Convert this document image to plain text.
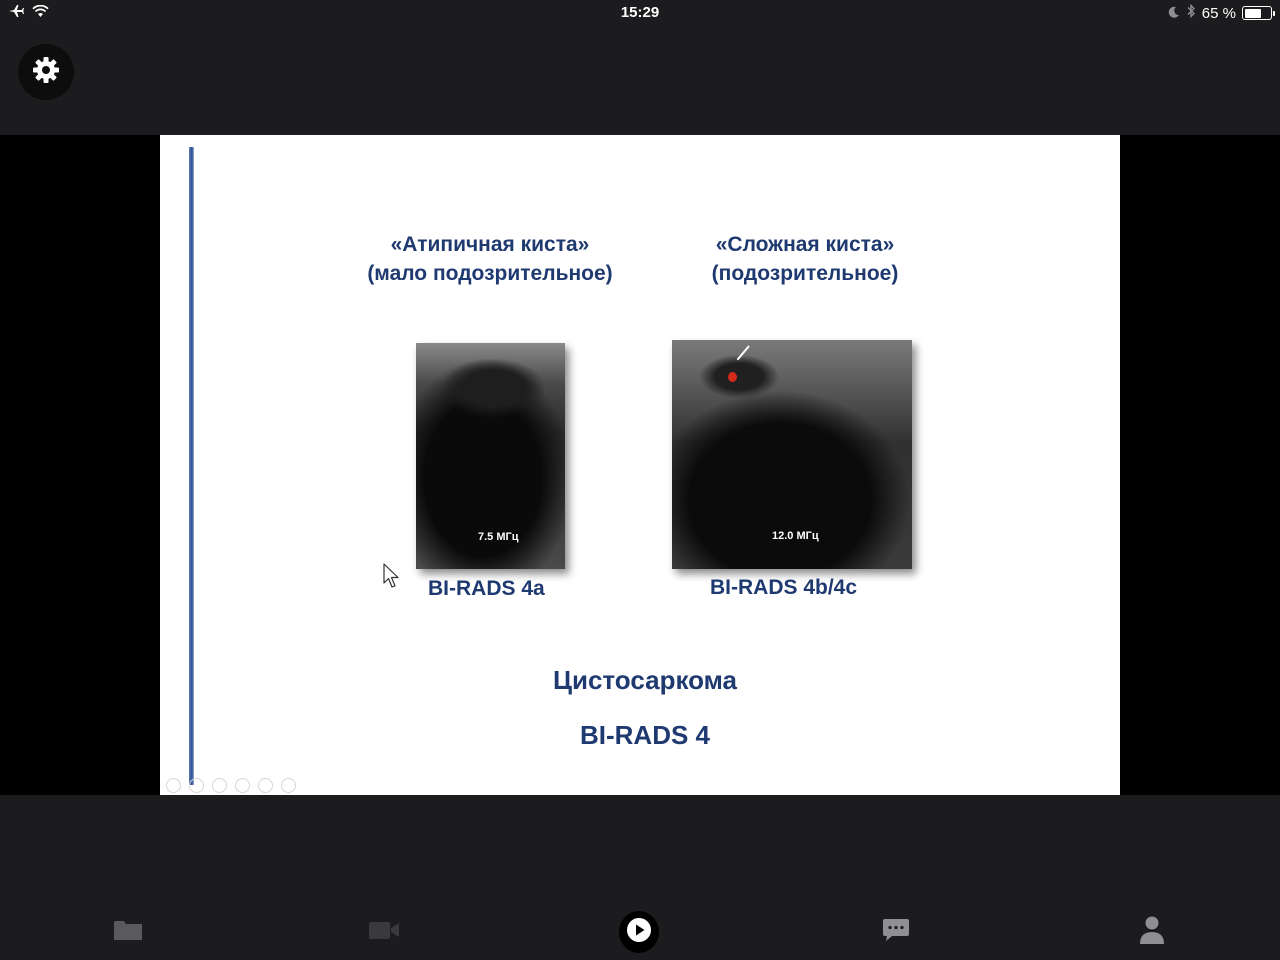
15:29	65 %
«Атипичная киста»
(мало подозрительное)
«Сложная киста»
(подозрительное)
7.5 МГц	12.0 МГц
BI-RADS 4a	BI-RADS 4b/4c
Цистосаркома
BI-RADS 4
